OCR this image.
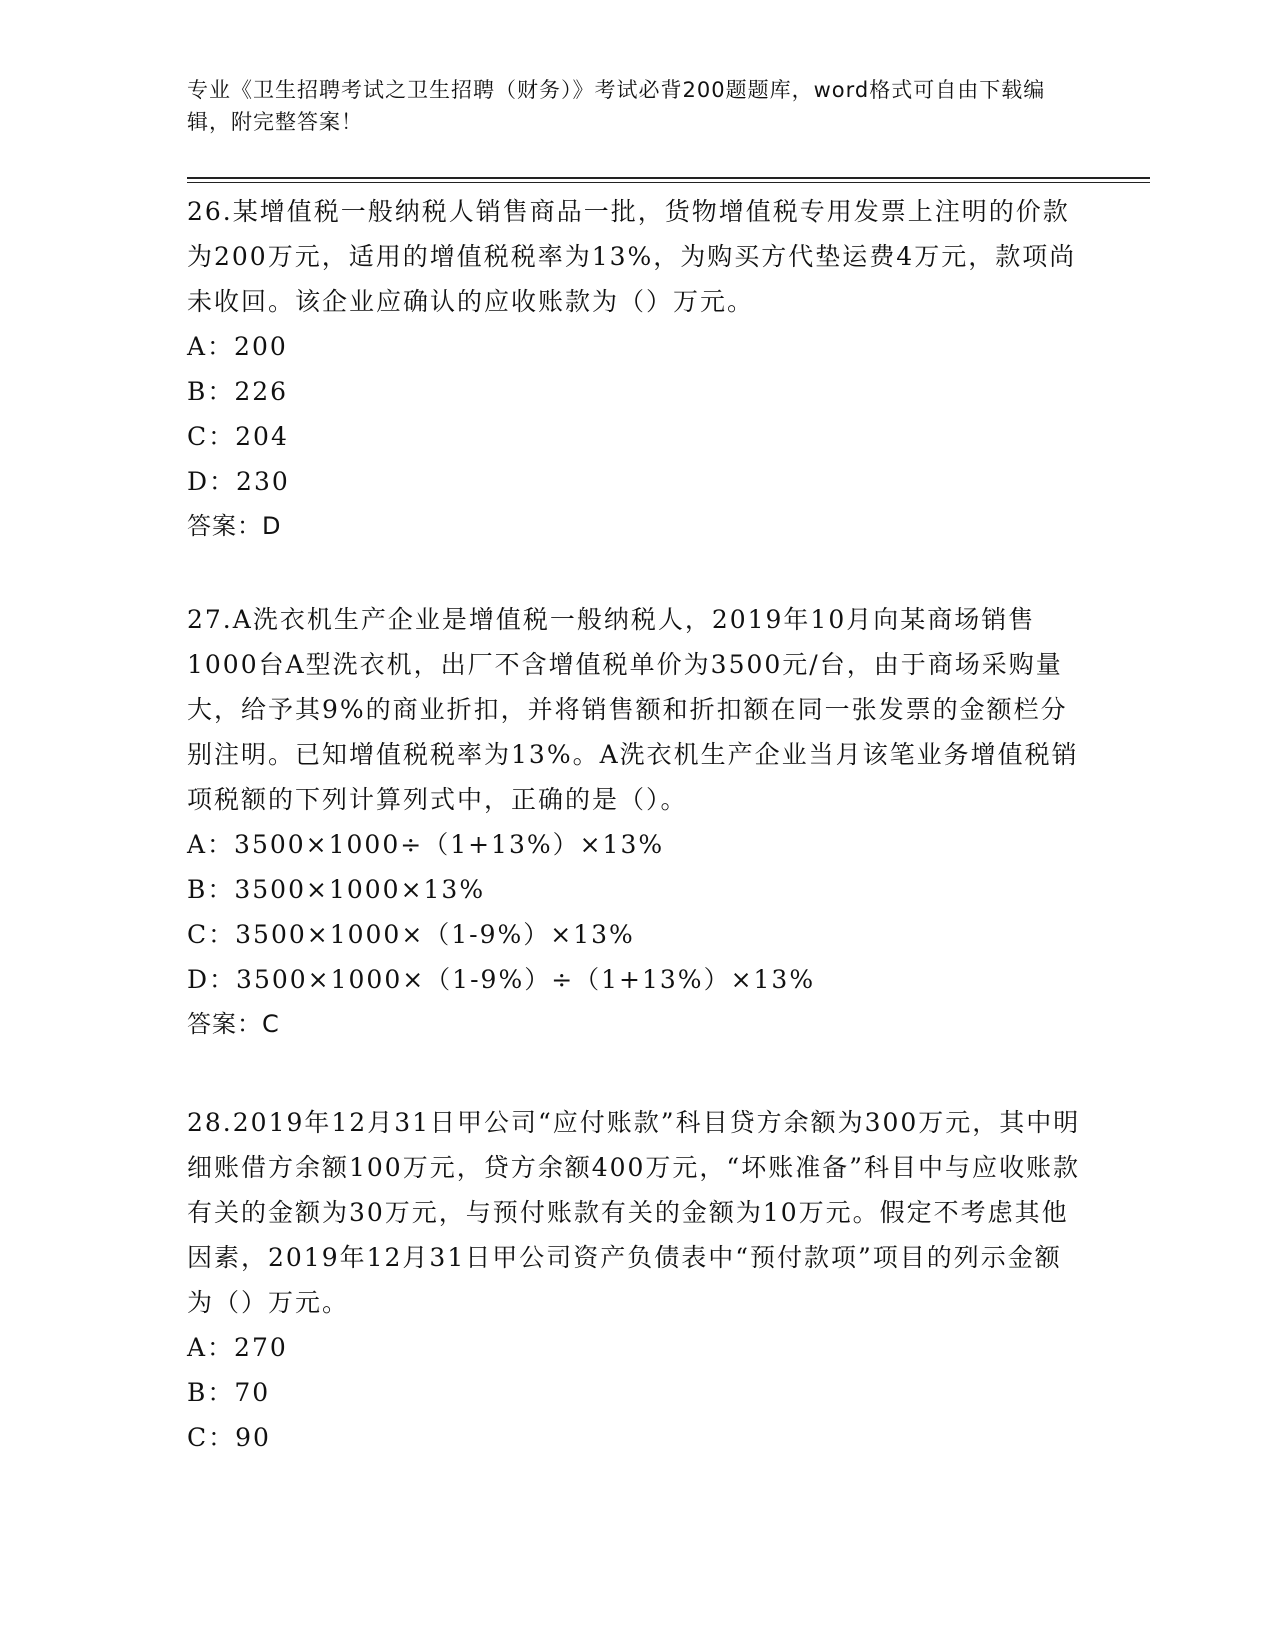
专业《卫生招聘考试之卫生招聘（财务）》考试必背200题题库，word格式可自由下载编辑，附完整答案！

26.某增值税一般纳税人销售商品一批，货物增值税专用发票上注明的价款为200万元，适用的增值税税率为13%，为购买方代垫运费4万元，款项尚未收回。该企业应确认的应收账款为（）万元。

A：200

B：226

C：204

D：230

答案：D

27.A洗衣机生产企业是增值税一般纳税人，2019年10月向某商场销售1000台A型洗衣机，出厂不含增值税单价为3500元/台，由于商场采购量大，给予其9%的商业折扣，并将销售额和折扣额在同一张发票的金额栏分别注明。已知增值税税率为13%。A洗衣机生产企业当月该笔业务增值税销项税额的下列计算列式中，正确的是（）。

A：3500×1000÷（1+13%）×13%

B：3500×1000×13%

C：3500×1000×（1-9%）×13%

D：3500×1000×（1-9%）÷（1+13%）×13%

答案：C

28.2019年12月31日甲公司“应付账款”科目贷方余额为300万元，其中明细账借方余额100万元，贷方余额400万元，“坏账准备”科目中与应收账款有关的金额为30万元，与预付账款有关的金额为10万元。假定不考虑其他因素，2019年12月31日甲公司资产负债表中“预付款项”项目的列示金额为（）万元。

A：270

B：70

C：90
